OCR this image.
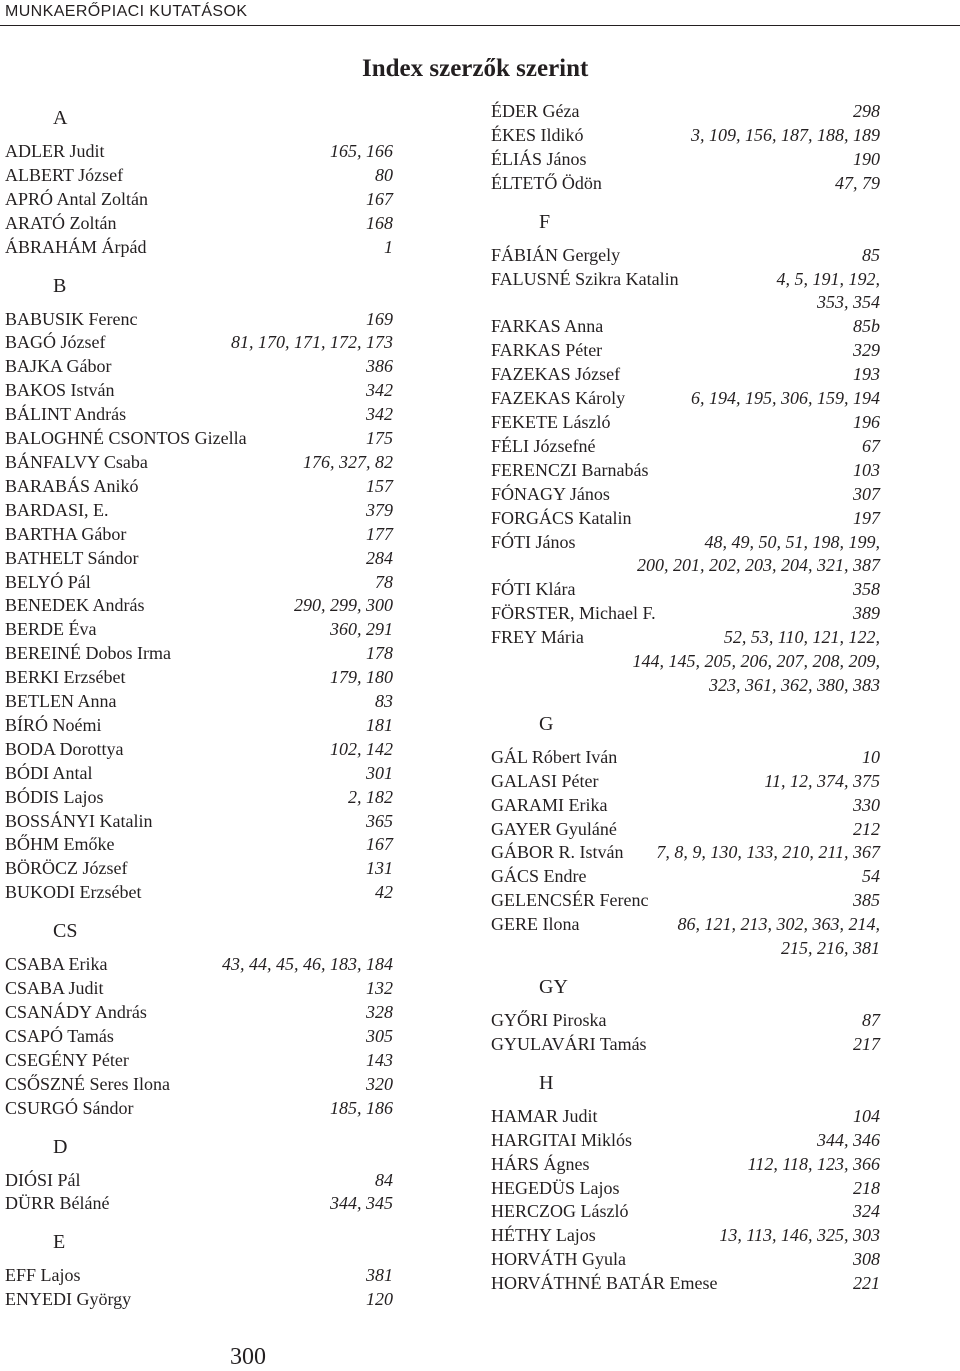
MUNKAERŐPIACI KUTATÁSOK
Index szerzők szerint
A
ADLER Judit	165, 166
ALBERT József	80
APRÓ Antal Zoltán	167
ARATÓ Zoltán	168
ÁBRAHÁM Árpád	1
B
BABUSIK Ferenc	169
BAGÓ József	81, 170, 171, 172, 173
BAJKA Gábor	386
BAKOS István	342
BÁLINT András	342
BALOGHNÉ CSONTOS Gizella	175
BÁNFALVY Csaba	176, 327, 82
BARABÁS Anikó	157
BARDASI, E.	379
BARTHA Gábor	177
BATHELT Sándor	284
BELYÓ Pál	78
BENEDEK András	290, 299, 300
BERDE Éva	360, 291
BEREINÉ Dobos Irma	178
BERKI Erzsébet	179, 180
BETLEN Anna	83
BÍRÓ Noémi	181
BODA Dorottya	102, 142
BÓDI Antal	301
BÓDIS Lajos	2, 182
BOSSÁNYI Katalin	365
BŐHM Emőke	167
BÖRÖCZ József	131
BUKODI Erzsébet	42
CS
CSABA Erika	43, 44, 45, 46, 183, 184
CSABA Judit	132
CSANÁDY András	328
CSAPÓ Tamás	305
CSEGÉNY Péter	143
CSŐSZNÉ Seres Ilona	320
CSURGÓ Sándor	185, 186
D
DIÓSI Pál	84
DÜRR Béláné	344, 345
E
EFF Lajos	381
ENYEDI György	120
ÉDER Géza	298
ÉKES Ildikó	3, 109, 156, 187, 188, 189
ÉLIÁS János	190
ÉLTETŐ Ödön	47, 79
F
FÁBIÁN Gergely	85
FALUSNÉ Szikra Katalin	4, 5, 191, 192,
353, 354
FARKAS Anna	85b
FARKAS Péter	329
FAZEKAS József	193
FAZEKAS Károly	6, 194, 195, 306, 159, 194
FEKETE László	196
FÉLI Józsefné	67
FERENCZI Barnabás	103
FÓNAGY János	307
FORGÁCS Katalin	197
FÓTI János	48, 49, 50, 51, 198, 199,
200, 201, 202, 203, 204, 321, 387
FÓTI Klára	358
FÖRSTER, Michael F.	389
FREY Mária	52, 53, 110, 121, 122,
144, 145, 205, 206, 207, 208, 209,
323, 361, 362, 380, 383
G
GÁL Róbert Iván	10
GALASI Péter	11, 12, 374, 375
GARAMI Erika	330
GAYER Gyuláné	212
GÁBOR R. István 7, 8, 9, 130, 133, 210, 211, 367
GÁCS Endre	54
GELENCSÉR Ferenc	385
GERE Ilona	86, 121, 213, 302, 363, 214,
215, 216, 381
GY
GYŐRI Piroska	87
GYULAVÁRI Tamás	217
H
HAMAR Judit	104
HARGITAI Miklós	344, 346
HÁRS Ágnes	112, 118, 123, 366
HEGEDÜS Lajos	218
HERCZOG László	324
HÉTHY Lajos	13, 113, 146, 325, 303
HORVÁTH Gyula	308
HORVÁTHNÉ BATÁR Emese	221
300
